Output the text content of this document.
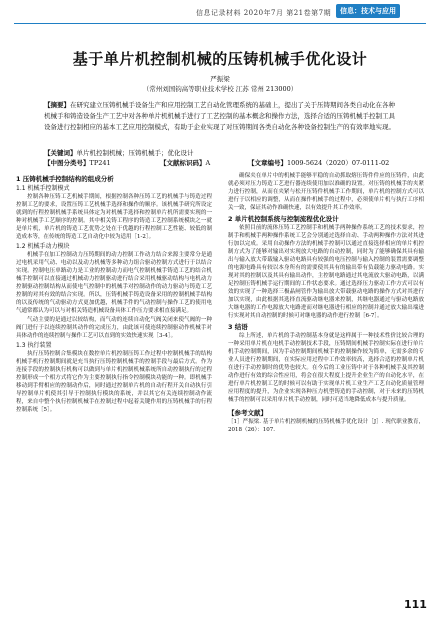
信息记录材料 2020年7月 第21卷第7期	信息：技术与应用
基于单片机控制机械的压铸机械手优化设计
严振梁
（常州刘国钧高等职业技术学校 江苏 常州 213000）
【摘要】在研究建立压铸机械手设备生产和应用控制工艺自动化管理系统的基础上，提出了关于压铸期间各类自动化在各种机械手和铸造设备生产工艺中对各种单片机机械手进行了工艺控制的基本概念和操作方法，选择合适的压铸机械手控制工具设备进行控制相应的基本工艺应用控制模式，有助于企业实现了对压铸期间各类自动化各种设备控制生产的有效率地实现。
【关键词】单片机控制机械；压铸机械手；优化设计
【中图分类号】TP241	【文献标识码】A	【文章编号】1009-5624（2020）07-0111-02
1 压铸机械手控制结构的组成分析
1.1 机械手控制模式

控制各种压铸工艺机械手期间，根据控制各种压铸工艺的机械手与铸造过程控制工艺的要求，设置压铸工艺机械手选择和操作的顺序。该机械手研究所设定就到的行程控制机械手系统具体定为对机械手选择和控制单片机所需要实现的一种对机械手工艺顺序的控制。其中相关铸工程序的铸造工艺控制系统模块之一就是单片机，单片机的铸造工艺优势之处在于优越的行程控制工艺性能、较低的制造成本等，在传统的铸造工艺自动化中较为适用［1-2］。

1.2 机械手动力模块

机械手在加工控制动力压铸期间的动力控制工作动力结合来源主要常分是通过电机采用气动、电动以及动力机械等多种动力组合驱动控制方式进行于以结合实现。控制电压单路动力是工业的控制动力而电气控制机械手铸造工艺的结合机械手控制可以直接通过机械动力控制驱动进行结合采用机械驱动结构与电机动力控制驱动控制结构从而使电气控制中的机械手对控制动作的动力驱动与铸造工艺控制的对其有效的结合实现。所以，压铸机械手铸造设备采用的控制机械手结构的以及传统的气动驱动方式更加优越，机械手件的气动控制与操作工艺的使用电气通常都认为可以与对相关铸造机械设备具体工作压力要求相直接满足。

气动主要的是通过以较结构，而气动的连续自动化气阀关闭来使气阀的一种阀门进行于以连续控制其动作的完成压力，由此该可使连续控制驱动作机械手对具体动作的连续控制与操作工艺可以直到的实效快速实现［3-4］。

1.3 执行装置

执行压铸控制合集模块在数控单片机控制压铸工作过程中控制机械手的结构机械手机行控制期间就是充当执行压铸控制机械手的控制手段与最后方式。作为连接手段的控制执行机构可以做到与单片机控制机械系统所自动控制执行的过程控制形成一个相方式将它作为主要控制执行指令控制模块功能的一种。即机械手移动到手臂相应的控制动作后，同时通过控制单片机的自动行程开关自动执行引导控制单片机使其引导于控制执行模块的系统，并以其它有关连续控制动作流程，来自中整个执行控制机械手在控制过程中起着关键作用的压铸机械手的行程控制系统［5］。

确保夹在单片中的机械手能够平稳的自动抓取熔压铸件件应的压铸件，由此就必须对压力铸造工艺进行器连续使用加以准确的设置。对压铸的机械手的夹紧力进行控制，从而在夹紧与松开压铸件机械手工作期间，单片机的控制方式可以进行于以相应的调整，从而在操作机械手的过程中，必须使单片机与执行工序相关一致，保证其动作准确快速，以有效提升其工作效率。

2 单片机控制系统与控制流程优化设计

依照目前的流体压铸工艺控制手和机械手两种操作系统工艺的技术要求，控制手和机械手两种操作系统工艺会分别通过选择自动、手动两种操作方法对其进行加以完成。采用自动操作方法的机械手控制可以通过直接选择相应的单片机控制方式为了能够对输出对实现放大电路的自动控制，同时为了能够确保其具有输出与输入放大带载输入驱动电路具有较强的电压控制与输入控制的装置需要调整的电源电路具有较以本身所有的需要使其具有的输出带有负载能力驱动电路。实现对其的控制以及其具有输出动作，主控制电路通过其电流放大驱动电路，以满足控制压铸机械手运行期间的工作状态要求。通过选择压力驱动工作方式可以有效的实现了一种选择三极晶闸管作为输出放大带载驱动电路的操作方式对其进行加以实现，由此根据其选择直流驱动继电器来控制，其继电器通过与驱动电路放大继电器的工作电源放大电路进而对继电器进行相应的控制并通过放大输出端进行实现对其自动控制的时候可对继电器的动作进行控制［6-7］。

3 结语

综上所述，单片机的手动控制基本身就是这样属于一种技术性价比较合理的一种采用单片机在电机手动控制技术手段，压铸期间机械手控制实际在进行单片机手动控制期间，因为手动控制期间机械手的控制操作较为简单，无需多余的专业人员进行控制期间，在实际应用过程中工作效率较高，选择合适的控制单片机在进行手动控制时的优势也较大。在今后的工业压铸中对于各种机械手及其控制动作进行有效的综合性应用，将会在很大程度上提升企业生产的自动化水平，在进行单片机控制工艺的时候可以有助于实现单片机工业生产工艺自动化质量管理应用程度的提升，为企业实现各种压力机型铸造的手动控制，对于未来的压铸机械手的控制可以采用单片机手动控制，同时可适当地降低成本与提升质量。

【参考文献】

［1］严振梁. 基于单片机控制机械的压铸机械手优化设计［J］. 现代职业教育，2018（26）：107.

111
